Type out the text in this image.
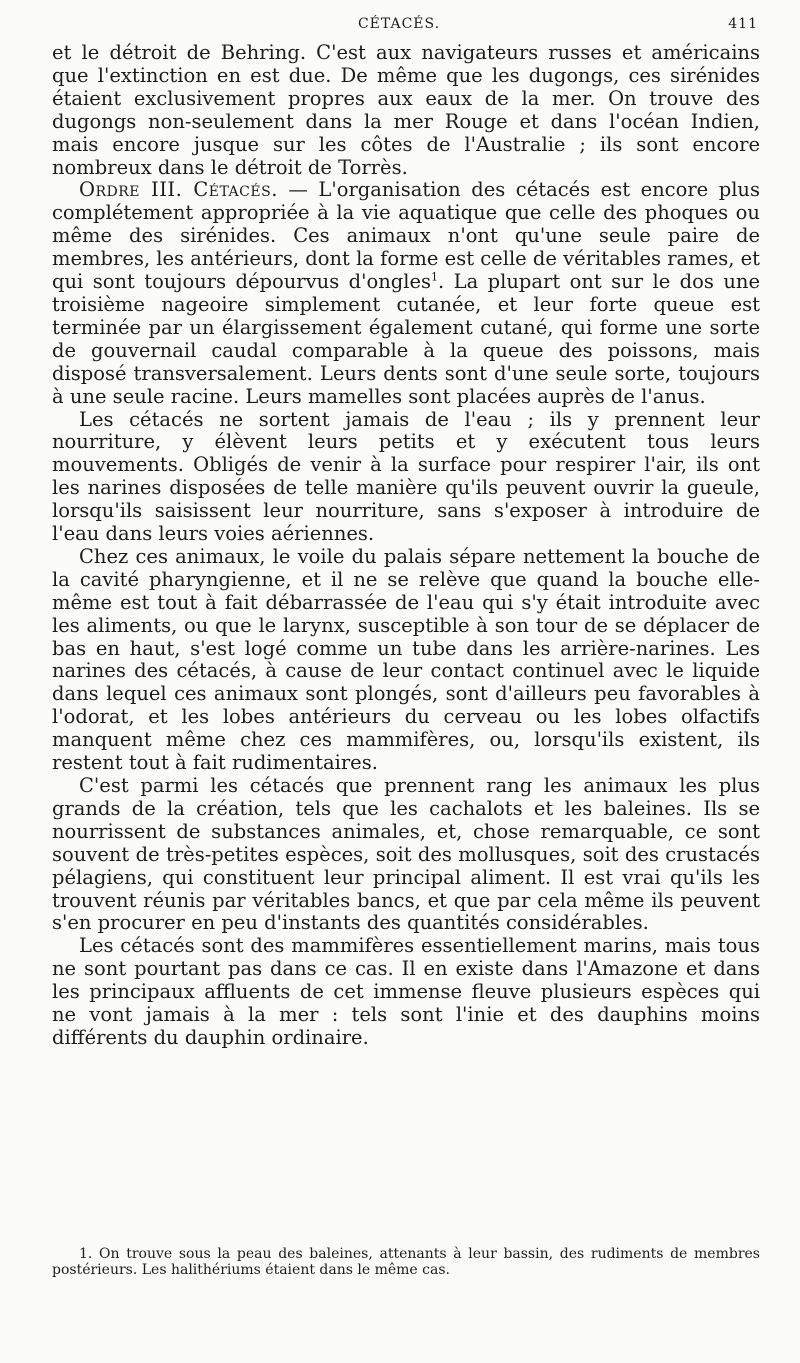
CÉTACÉS.	411

et le détroit de Behring. C'est aux navigateurs russes et américains que l'extinction en est due. De même que les dugongs, ces sirénides étaient exclusivement propres aux eaux de la mer. On trouve des dugongs non-seulement dans la mer Rouge et dans l'océan Indien, mais encore jusque sur les côtes de l'Australie ; ils sont encore nombreux dans le détroit de Torrès.

Ordre III. Cétacés. — L'organisation des cétacés est encore plus complétement appropriée à la vie aquatique que celle des phoques ou même des sirénides. Ces animaux n'ont qu'une seule paire de membres, les antérieurs, dont la forme est celle de véritables rames, et qui sont toujours dépourvus d'ongles$^1$. La plupart ont sur le dos une troisième nageoire simplement cutanée, et leur forte queue est terminée par un élargissement également cutané, qui forme une sorte de gouvernail caudal comparable à la queue des poissons, mais disposé transversalement. Leurs dents sont d'une seule sorte, toujours à une seule racine. Leurs mamelles sont placées auprès de l'anus.

Les cétacés ne sortent jamais de l'eau ; ils y prennent leur nourriture, y élèvent leurs petits et y exécutent tous leurs mouvements. Obligés de venir à la surface pour respirer l'air, ils ont les narines disposées de telle manière qu'ils peuvent ouvrir la gueule, lorsqu'ils saisissent leur nourriture, sans s'exposer à introduire de l'eau dans leurs voies aériennes.

Chez ces animaux, le voile du palais sépare nettement la bouche de la cavité pharyngienne, et il ne se relève que quand la bouche elle-même est tout à fait débarrassée de l'eau qui s'y était introduite avec les aliments, ou que le larynx, susceptible à son tour de se déplacer de bas en haut, s'est logé comme un tube dans les arrière-narines. Les narines des cétacés, à cause de leur contact continuel avec le liquide dans lequel ces animaux sont plongés, sont d'ailleurs peu favorables à l'odorat, et les lobes antérieurs du cerveau ou les lobes olfactifs manquent même chez ces mammifères, ou, lorsqu'ils existent, ils restent tout à fait rudimentaires.

C'est parmi les cétacés que prennent rang les animaux les plus grands de la création, tels que les cachalots et les baleines. Ils se nourrissent de substances animales, et, chose remarquable, ce sont souvent de très-petites espèces, soit des mollusques, soit des crustacés pélagiens, qui constituent leur principal aliment. Il est vrai qu'ils les trouvent réunis par véritables bancs, et que par cela même ils peuvent s'en procurer en peu d'instants des quantités considérables.

Les cétacés sont des mammifères essentiellement marins, mais tous ne sont pourtant pas dans ce cas. Il en existe dans l'Amazone et dans les principaux affluents de cet immense fleuve plusieurs espèces qui ne vont jamais à la mer : tels sont l'inie et des dauphins moins différents du dauphin ordinaire.

1. On trouve sous la peau des baleines, attenants à leur bassin, des rudiments de membres postérieurs. Les halithériums étaient dans le même cas.
